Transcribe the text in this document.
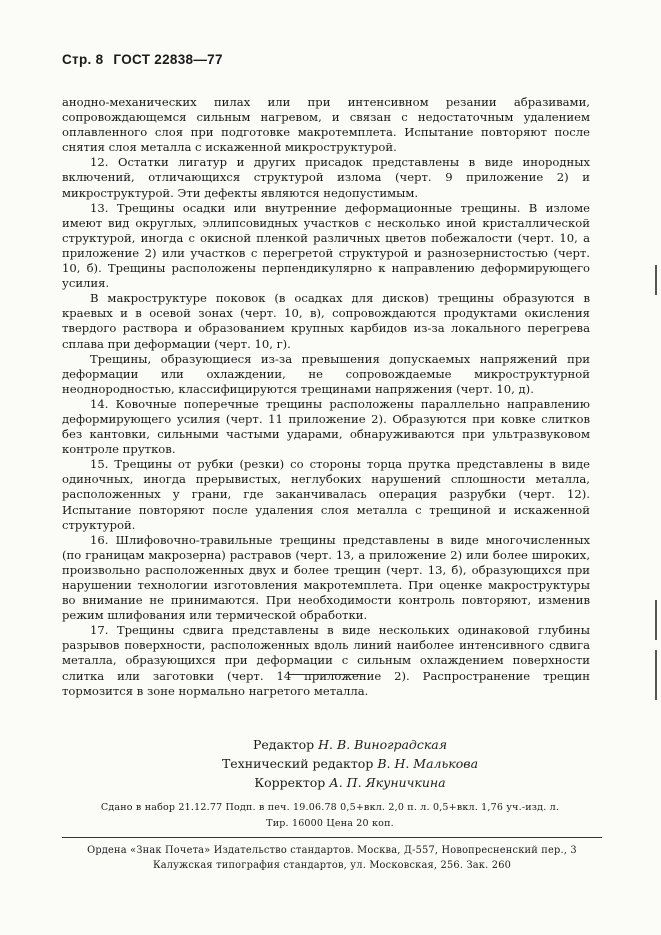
Стр. 8 ГОСТ 22838—77

анодно-механических пилах или при интенсивном резании абразивами, сопровождающемся сильным нагревом, и связан с недостаточным удалением оплавленного слоя при подготовке макротемплета. Испытание повторяют после снятия слоя металла с искаженной микроструктурой.

12. Остатки лигатур и других присадок представлены в виде инородных включений, отличающихся структурой излома (черт. 9 приложение 2) и микроструктурой. Эти дефекты являются недопустимым.

13. Трещины осадки или внутренние деформационные трещины. В изломе имеют вид округлых, эллипсовидных участков с несколько иной кристаллической структурой, иногда с окисной пленкой различных цветов побежалости (черт. 10, а приложение 2) или участков с перегретой структурой и разнозернистостью (черт. 10, б). Трещины расположены перпендикулярно к направлению деформирующего усилия.

В макроструктуре поковок (в осадках для дисков) трещины образуются в краевых и в осевой зонах (черт. 10, в), сопровождаются продуктами окисления твердого раствора и образованием крупных карбидов из-за локального перегрева сплава при деформации (черт. 10, г).

Трещины, образующиеся из-за превышения допускаемых напряжений при деформации или охлаждении, не сопровождаемые микроструктурной неоднородностью, классифицируются трещинами напряжения (черт. 10, д).

14. Ковочные поперечные трещины расположены параллельно направлению деформирующего усилия (черт. 11 приложение 2). Образуются при ковке слитков без кантовки, сильными частыми ударами, обнаруживаются при ультразвуковом контроле прутков.

15. Трещины от рубки (резки) со стороны торца прутка представлены в виде одиночных, иногда прерывистых, неглубоких нарушений сплошности металла, расположенных у грани, где заканчивалась операция разрубки (черт. 12). Испытание повторяют после удаления слоя металла с трещиной и искаженной структурой.

16. Шлифовочно-травильные трещины представлены в виде многочисленных (по границам макрозерна) растравов (черт. 13, а приложение 2) или более широких, произвольно расположенных двух и более трещин (черт. 13, б), образующихся при нарушении технологии изготовления макротемплета. При оценке макроструктуры во внимание не принимаются. При необходимости контроль повторяют, изменив режим шлифования или термической обработки.

17. Трещины сдвига представлены в виде нескольких одинаковой глубины разрывов поверхности, расположенных вдоль линий наиболее интенсивного сдвига металла, образующихся при деформации с сильным охлаждением поверхности слитка или заготовки (черт. 14 приложение 2). Распространение трещин тормозится в зоне нормально нагретого металла.

Редактор Н. В. Виноградская
Технический редактор В. Н. Малькова
Корректор А. П. Якуничкина
Сдано в набор 21.12.77 Подп. в печ. 19.06.78 0,5+вкл. 2,0 п. л. 0,5+вкл. 1,76 уч.-изд. л.
Тир. 16000 Цена 20 коп.
Ордена «Знак Почета» Издательство стандартов. Москва, Д-557, Новопресненский пер., 3
Калужская типография стандартов, ул. Московская, 256. Зак. 260
